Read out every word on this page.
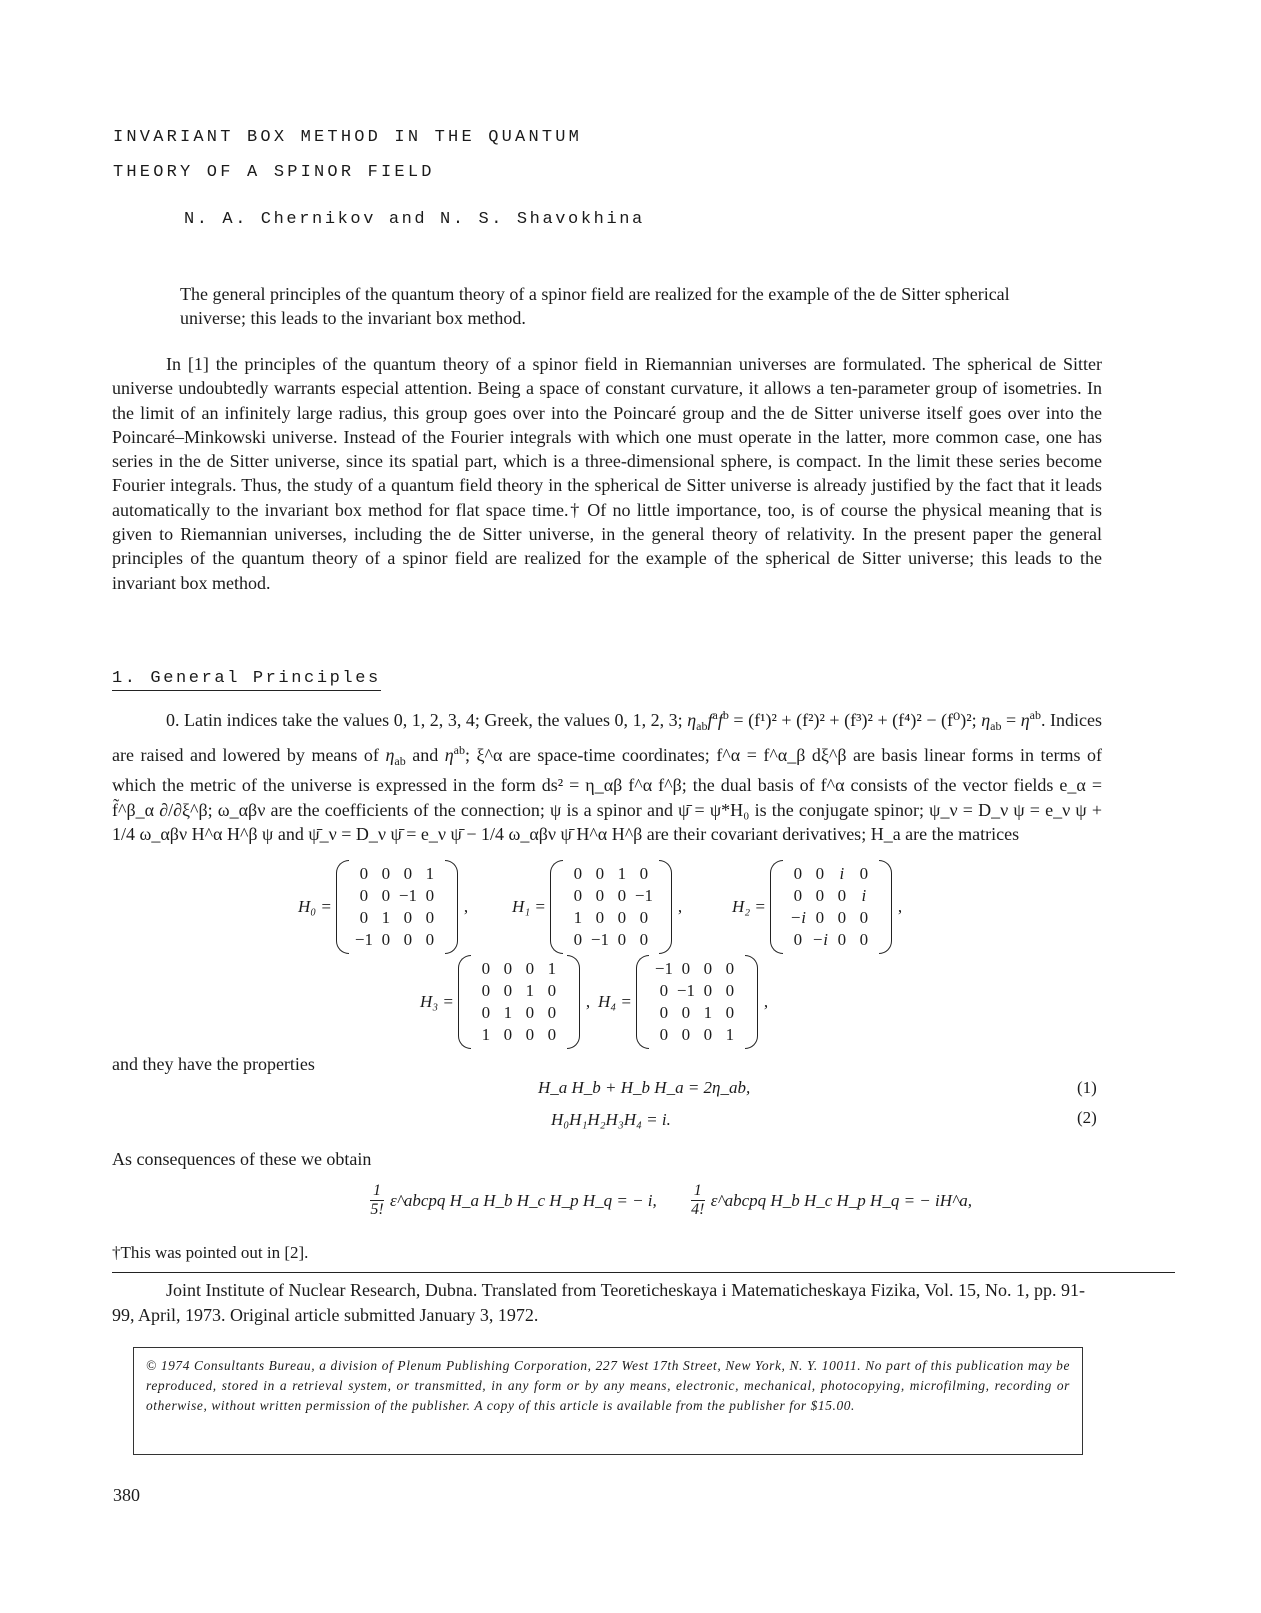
INVARIANT BOX METHOD IN THE QUANTUM
THEORY OF A SPINOR FIELD
N. A. Chernikov and N. S. Shavokhina
The general principles of the quantum theory of a spinor field are realized for the example of the de Sitter spherical universe; this leads to the invariant box method.

In [1] the principles of the quantum theory of a spinor field in Riemannian universes are formulated. The spherical de Sitter universe undoubtedly warrants especial attention. Being a space of constant curvature, it allows a ten-parameter group of isometries. In the limit of an infinitely large radius, this group goes over into the Poincaré group and the de Sitter universe itself goes over into the Poincaré–Minkowski universe. Instead of the Fourier integrals with which one must operate in the latter, more common case, one has series in the de Sitter universe, since its spatial part, which is a three-dimensional sphere, is compact. In the limit these series become Fourier integrals. Thus, the study of a quantum field theory in the spherical de Sitter universe is already justified by the fact that it leads automatically to the invariant box method for flat space time.† Of no little importance, too, is of course the physical meaning that is given to Riemannian universes, including the de Sitter universe, in the general theory of relativity. In the present paper the general principles of the quantum theory of a spinor field are realized for the example of the spherical de Sitter universe; this leads to the invariant box method.

1. General Principles

0. Latin indices take the values 0, 1, 2, 3, 4; Greek, the values 0, 1, 2, 3; $\eta_{ab}f^af^b = (f^1)^2 + (f^2)^2 + (f^3)^2 + (f^4)^2 - (f^0)^2$; $\eta_{ab} = \eta^{ab}$. Indices are raised and lowered by means of $\eta_{ab}$ and $\eta^{ab}$; ξ^α are space-time coordinates; f^α = f^α_β dξ^β are basis linear forms in terms of which the metric of the universe is expressed in the form ds² = η_αβ f^α f^β; the dual basis of f^α consists of the vector fields e_α = f̃^β_α ∂/∂ξ^β; ω_αβν are the coefficients of the connection; ψ is a spinor and ψ̄ = ψ*H₀ is the conjugate spinor; ψ_ν = D_ν ψ = e_ν ψ + 1/4 ω_αβν H^α H^β ψ and ψ̄_ν = D_ν ψ̄ = e_ν ψ̄ − 1/4 ω_αβν ψ̄ H^α H^β are their covariant derivatives; H_a are the matrices

H₀ =
0 0 0 1
0 0 −1 0
0 1 0 0
−1 0 0 0
,	H₁ =
0 0 1 0
0 0 0 −1
1 0 0 0
0 −1 0 0
,	H₂ =
0 0 i 0
0 0 0 i
−i 0 0 0
0 −i 0 0
,
H₃ =
0 0 0 1
0 0 1 0
0 1 0 0
1 0 0 0
, H₄ =
−1 0 0 0
0 −1 0 0
0 0 1 0
0 0 0 1
,
and they have the properties
H_a H_b + H_b H_a = 2η_ab,	(1)
H₀H₁H₂H₃H₄ = i.	(2)
As consequences of these we obtain
$\frac{1}{5!}$ ε^abcpq H_a H_b H_c H_p H_q = − i, $\frac{1}{4!}$ ε^abcpq H_b H_c H_p H_q = − iH^a,
†This was pointed out in [2].

Joint Institute of Nuclear Research, Dubna. Translated from Teoreticheskaya i Matematicheskaya Fizika, Vol. 15, No. 1, pp. 91-99, April, 1973. Original article submitted January 3, 1972.

© 1974 Consultants Bureau, a division of Plenum Publishing Corporation, 227 West 17th Street, New York, N. Y. 10011. No part of this publication may be reproduced, stored in a retrieval system, or transmitted, in any form or by any means, electronic, mechanical, photocopying, microfilming, recording or otherwise, without written permission of the publisher. A copy of this article is available from the publisher for $15.00.
380
